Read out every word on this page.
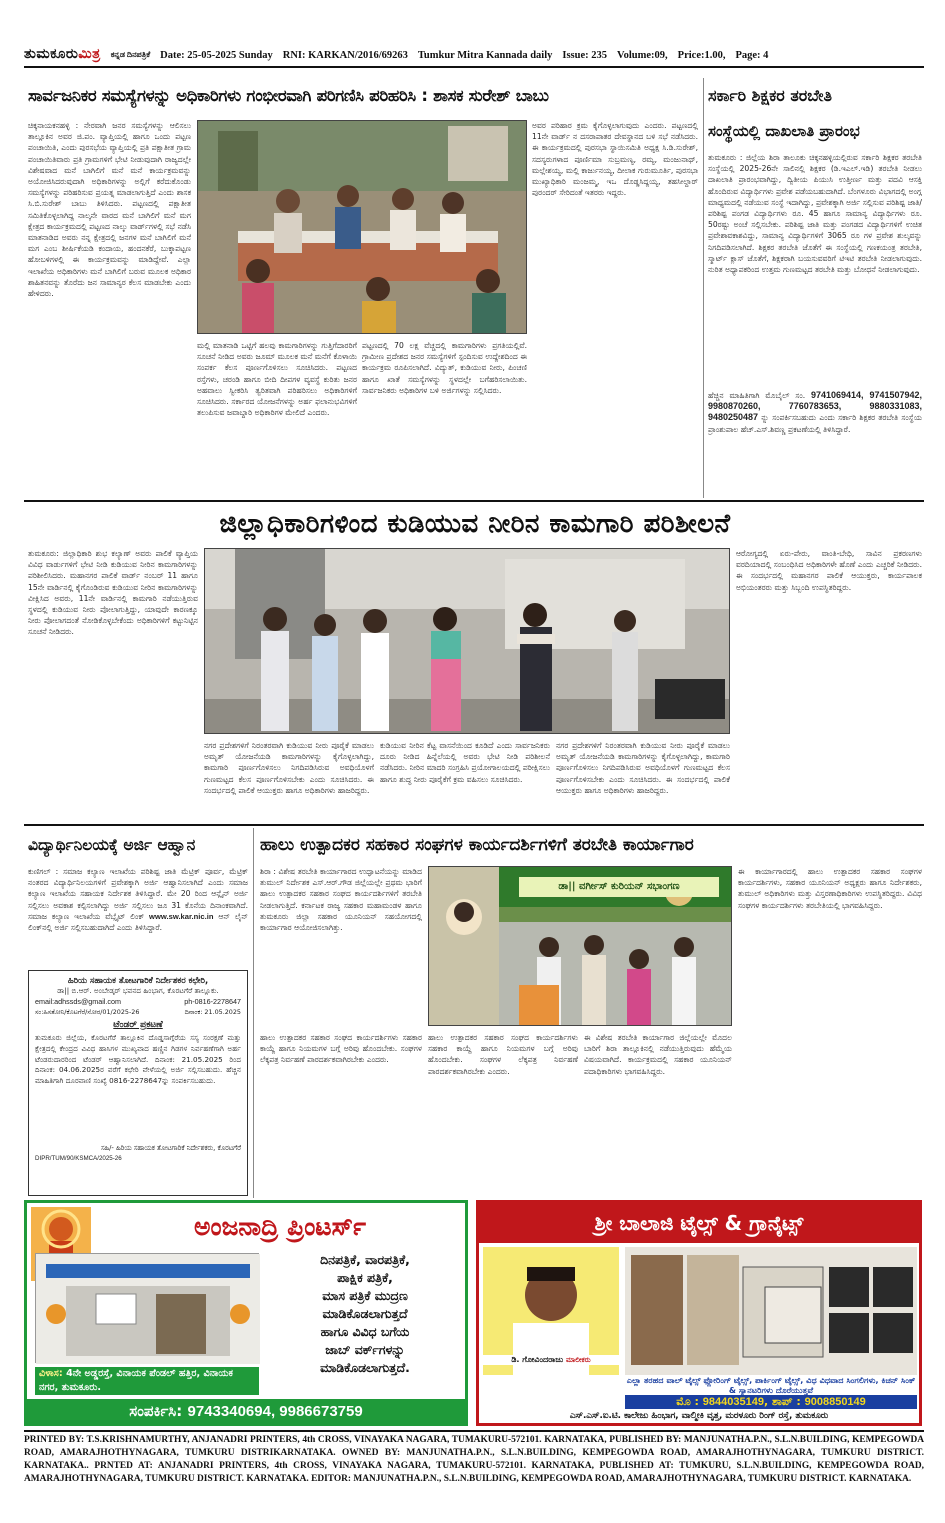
ತುಮಕೂರುಮಿತ್ರ ಕನ್ನಡ ದಿನಪತ್ರಿಕೆ Date: 25-05-2025 Sunday RNI: KARKAN/2016/69263 Tumkur Mitra Kannada daily Issue: 235 Volume:09, Price:1.00, Page: 4
ಸಾರ್ವಜನಿಕರ ಸಮಸ್ಯೆಗಳನ್ನು ಅಧಿಕಾರಿಗಳು ಗಂಭೀರವಾಗಿ ಪರಿಗಣಿಸಿ ಪರಿಹರಿಸಿ : ಶಾಸಕ ಸುರೇಶ್ ಬಾಬು
ಚಿಕ್ಕನಾಯಕನಹಳ್ಳಿ : ನೇರವಾಗಿ ಜನರ ಸಮಸ್ಯೆಗಳನ್ನು ಆಲಿಸಲು ತಾಲ್ಲೂಕಿನ ಅವರ ಜಿ.ಪಂ. ವ್ಯಾಪ್ತಿಯಲ್ಲಿ ಹಾಗೂ ಒಂದು ಪಟ್ಟಣ ಪಂಚಾಯಿತಿ, ಎಂದು ಪುರಸಭೆಯ ವ್ಯಾಪ್ತಿಯಲ್ಲಿ ಪ್ರತಿ ಪಕ್ಷಾತೀತ ಗ್ರಾಮ ಪಂಚಾಯಿತಿವಾರು ಪ್ರತಿ ಗ್ರಾಮಗಳಿಗೆ ಭೇಟಿ ನೀಡುವುದಾಗಿ ರಾಜ್ಯದಲ್ಲೇ ವಿಶೇಷವಾದ ಮನೆ ಬಾಗಿಲಿಗೆ ಮನೆ ಮನೆ ಕಾರ್ಯಕ್ರಮವನ್ನು ಅಯೋಜಿಸಿದರುವುದಾಗಿ ಅಧಿಕಾರಿಗಳನ್ನು ಅಲ್ಲಿಗೆ ಕರೆದುಕೊಂಡು ಸಮಸ್ಯೆಗಳನ್ನು ಪರಿಹರಿಸುವ ಪ್ರಯತ್ನ ಮಾಡಲಾಗುತ್ತಿದೆ ಎಂದು ಶಾಸಕ ಸಿ.ಬಿ.ಸುರೇಶ್ ಬಾಬು ತಿಳಿಸಿದರು. ಪಟ್ಟಣದಲ್ಲಿ ಪಕ್ಷಾತೀತ ಸಮಿತಿಕೊಳ್ಳಲಾಗಿದ್ದ ನಾಲ್ಕನೇ ವಾರದ ಮನೆ ಬಾಗಿಲಿಗೆ ಮನೆ ಮಗ ಕ್ಷೇತ್ರದ ಕಾರ್ಯಕ್ರಮದಲ್ಲಿ ಪಟ್ಟಣದ ನಾಲ್ಕು ವಾರ್ಡ್‌ಗಳಲ್ಲಿ ಸಭೆ ನಡೆಸಿ ಮಾತನಾಡಿದ ಅವರು ನನ್ನ ಕ್ಷೇತ್ರದಲ್ಲಿ ಜನಗಳ ಮನೆ ಬಾಗಿಲಿಗೆ ಮನೆ ಮಗ ಎಂಬ ಶೀರ್ಷಿಕೆಯಡಿ ಕಂದಾಯ, ಹಂದನಕೆರೆ, ಬುಕ್ಕಾಪಟ್ಟಣ ಹೋಬಳಿಗಳಲ್ಲಿ ಈ ಕಾರ್ಯಕ್ರಮವನ್ನು ಮಾಡಿದ್ದೇವೆ. ಎಲ್ಲಾ ಇಲಾಖೆಯ ಅಧಿಕಾರಿಗಳು ಮನೆ ಬಾಗಿಲಿಗೆ ಬರುವ ಮೂಲಕ ಅಧಿಕಾರ ಶಾಹಿತನವನ್ನು ತೊರೆದು ಜನ ಸಾಮಾನ್ಯರ ಕೆಲಸ ಮಾಡಬೇಕು ಎಂದು ಹೇಳಿದರು.
ಮಲ್ಲಿ ಮಾತನಾಡಿ ಒಟ್ಟಿಗೆ ಹಲವು ಕಾಮಗಾರಿಗಳನ್ನು ಗುತ್ತಿಗೆದಾರರಿಗೆ ಸೂಚನೆ ನೀಡಿದ ಅವರು ಜೂಮ್ ಮೂಲಕ ಮನೆ ಮನೆಗೆ ಕೊಳಾಯಿ ಸಂಪರ್ಕ ಕೆಲಸ ಪೂರ್ಣಗೊಳಿಸಲು ಸೂಚಿಸಿದರು. ಪಟ್ಟಣದ ರಸ್ತೆಗಳು, ಚರಂಡಿ ಹಾಗೂ ಬೀದಿ ದೀಪಗಳ ವ್ಯವಸ್ಥೆ ಕುರಿತು ಜನರ ಅಹವಾಲು ಸ್ವೀಕರಿಸಿ ತ್ವರಿತವಾಗಿ ಪರಿಹರಿಸಲು ಅಧಿಕಾರಿಗಳಿಗೆ ಸೂಚಿಸಿದರು. ಸರ್ಕಾರದ ಯೋಜನೆಗಳನ್ನು ಅರ್ಹ ಫಲಾನುಭವಿಗಳಿಗೆ ತಲುಪಿಸುವ ಜವಾಬ್ದಾರಿ ಅಧಿಕಾರಿಗಳ ಮೇಲಿದೆ ಎಂದರು.
ಪಟ್ಟಣದಲ್ಲಿ 70 ಲಕ್ಷ ವೆಚ್ಚದಲ್ಲಿ ಕಾಮಗಾರಿಗಳು ಪ್ರಗತಿಯಲ್ಲಿವೆ. ಗ್ರಾಮೀಣ ಪ್ರದೇಶದ ಜನರ ಸಮಸ್ಯೆಗಳಿಗೆ ಸ್ಪಂದಿಸುವ ಉದ್ದೇಶದಿಂದ ಈ ಕಾರ್ಯಕ್ರಮ ರೂಪಿಸಲಾಗಿದೆ. ವಿದ್ಯುತ್, ಕುಡಿಯುವ ನೀರು, ಪಿಂಚಣಿ ಹಾಗೂ ಖಾತೆ ಸಮಸ್ಯೆಗಳನ್ನು ಸ್ಥಳದಲ್ಲೇ ಬಗೆಹರಿಸಲಾಯಿತು. ಸಾರ್ವಜನಿಕರು ಅಧಿಕಾರಿಗಳ ಬಳಿ ಅರ್ಜಿಗಳನ್ನು ಸಲ್ಲಿಸಿದರು.
ಅವರ ಪರಿಹಾರ ಕ್ರಮ ಕೈಗೊಳ್ಳಲಾಗುವುದು ಎಂದರು. ಪಟ್ಟಣದಲ್ಲಿ 11ನೇ ವಾರ್ಡ್ ನ ದಸರಾಪಾತರ ದೇವಸ್ಥಾನದ ಬಳಿ ಸಭೆ ನಡೆಸಿದರು. ಈ ಕಾರ್ಯಕ್ರಮದಲ್ಲಿ ಪುರಸಭಾ ಸ್ಥಾಯಿಸಮಿತಿ ಅಧ್ಯಕ್ಷ ಸಿ.ಡಿ.ಸುರೇಶ್, ಸದಸ್ಯರುಗಳಾದ ಪೂರ್ಣಿಮಾ ಸುಬ್ರಮಣ್ಯ, ರಮ್ಯ, ಮಂಜುನಾಥ್, ಮಲ್ಲೇಶಯ್ಯ, ಮಲ್ಲಿ ಕಾರ್ಜುನಯ್ಯ, ದೀಲಾಕ ಗುರುಮೂರ್ತಿ, ಪುರಸಭಾ ಮುಖ್ಯಾಧಿಕಾರಿ ಮಂಜಮ್ಮ, ಇಒ ದೊಡ್ಡಸಿದ್ದಯ್ಯ, ತಹಸೀಲ್ದಾರ್ ಪುರಂದರ್ ಸೇರಿದಂತೆ ಇತರರು ಇದ್ದರು.
ಸರ್ಕಾರಿ ಶಿಕ್ಷಕರ ತರಬೇತಿ
ಸಂಸ್ಥೆಯಲ್ಲಿ ದಾಖಲಾತಿ ಪ್ರಾರಂಭ
ತುಮಕೂರು : ಜಿಲ್ಲೆಯ ಶಿರಾ ತಾಲೂಕು ಚಿಕ್ಕನಹಳ್ಳಿಯಲ್ಲಿರುವ ಸರ್ಕಾರಿ ಶಿಕ್ಷಕರ ತರಬೇತಿ ಸಂಸ್ಥೆಯಲ್ಲಿ 2025-26ನೇ ಸಾಲಿನಲ್ಲಿ ಶಿಕ್ಷಕರ (ಡಿ.ಇಎಲ್.ಇಡಿ) ತರಬೇತಿ ನೀಡಲು ದಾಖಲಾತಿ ಪ್ರಾರಂಭವಾಗಿದ್ದು, ದ್ವಿತೀಯ ಪಿಯುಸಿ ಉತ್ತೀರ್ಣ ಮತ್ತು ಪದವಿ ಆಸಕ್ತಿ ಹೊಂದಿರುವ ವಿದ್ಯಾರ್ಥಿಗಳು ಪ್ರವೇಶ ಪಡೆಯಬಹುದಾಗಿದೆ. ಬೆಂಗಳೂರು ವಿಭಾಗದಲ್ಲಿ ಅಂಗ್ಲ ಮಾಧ್ಯಮದಲ್ಲಿ ನಡೆಯುವ ಸಂಸ್ಥೆ ಇದಾಗಿದ್ದು, ಪ್ರವೇಶಕ್ಕಾಗಿ ಅರ್ಜಿ ಸಲ್ಲಿಸುವ ಪರಿಶಿಷ್ಟ ಜಾತಿ/ ಪರಿಶಿಷ್ಟ ಪಂಗಡ ವಿದ್ಯಾರ್ಥಿಗಳು ರೂ. 45 ಹಾಗೂ ಸಾಮಾನ್ಯ ವಿದ್ಯಾರ್ಥಿಗಳು ರೂ. 50ರಷ್ಟು ಅಂಚೆ ಸಲ್ಲಿಸಬೇಕು. ಪರಿಶಿಷ್ಟ ಜಾತಿ ಮತ್ತು ಪಂಗಡದ ವಿದ್ಯಾರ್ಥಿಗಳಿಗೆ ಉಚಿತ ಪ್ರವೇಶಾವಕಾಶವಿದ್ದು, ಸಾಮಾನ್ಯ ವಿದ್ಯಾರ್ಥಿಗಳಿಗೆ 3065 ರೂ ಗಳ ಪ್ರವೇಶ ಶುಲ್ಕವನ್ನು ನಿಗದಿಪಡಿಸಲಾಗಿದೆ. ಶಿಕ್ಷಕರ ತರಬೇತಿ ಜೊತೆಗೆ ಈ ಸಂಸ್ಥೆಯಲ್ಲಿ ಗಣಕಯಂತ್ರ ತರಬೇತಿ, ಸ್ಮಾರ್ಟ್ ಕ್ಲಾಸ್ ಜೊತೆಗೆ, ಶಿಕ್ಷಕರಾಗಿ ಬಯಸುವವರಿಗೆ ಟಿಇಟಿ ತರಬೇತಿ ನೀಡಲಾಗುವುದು. ನುರಿತ ಅಧ್ಯಾಪಕರಿಂದ ಉತ್ತಮ ಗುಣಮಟ್ಟದ ತರಬೇತಿ ಮತ್ತು ಬೋಧನೆ ನೀಡಲಾಗುವುದು.
ಹೆಚ್ಚಿನ ಮಾಹಿತಿಗಾಗಿ ಮೊಬೈಲ್ ಸಂ. 9741069414, 9741507942, 9980870260, 7760783653, 9880331083, 9480250487 ನ್ನು ಸಂಪರ್ಕಿಸಬಹುದು ಎಂದು ಸರ್ಕಾರಿ ಶಿಕ್ಷಕರ ತರಬೇತಿ ಸಂಸ್ಥೆಯ ಪ್ರಾಂಶುಪಾಲ ಹೆಚ್.ಎಸ್.ಶಿವಣ್ಣ ಪ್ರಕಟಣೆಯಲ್ಲಿ ತಿಳಿಸಿದ್ದಾರೆ.
ಜಿಲ್ಲಾಧಿಕಾರಿಗಳಿಂದ ಕುಡಿಯುವ ನೀರಿನ ಕಾಮಗಾರಿ ಪರಿಶೀಲನೆ
ತುಮಕೂರು: ಜಿಲ್ಲಾಧಿಕಾರಿ ಶುಭ ಕಲ್ಯಾಣ್ ಅವರು ಪಾಲಿಕೆ ವ್ಯಾಪ್ತಿಯ ವಿವಿಧ ವಾರ್ಡುಗಳಿಗೆ ಭೇಟಿ ನೀಡಿ ಕುಡಿಯುವ ನೀರಿನ ಕಾಮಗಾರಿಗಳನ್ನು ಪರಿಶೀಲಿಸಿದರು. ಮಹಾನಗರ ಪಾಲಿಕೆ ವಾರ್ಡ್ ನಂಬರ್ 11 ಹಾಗೂ 15ನೇ ವಾರ್ಡಿನಲ್ಲಿ ಕೈಗೊಂಡಿರುವ ಕುಡಿಯುವ ನೀರಿನ ಕಾಮಗಾರಿಗಳನ್ನು ವೀಕ್ಷಿಸಿದ ಅವರು, 11ನೇ ವಾರ್ಡಿನಲ್ಲಿ ಕಾಮಗಾರಿ ನಡೆಯುತ್ತಿರುವ ಸ್ಥಳದಲ್ಲಿ ಕುಡಿಯುವ ನೀರು ಪೋಲಾಗುತ್ತಿದ್ದು, ಯಾವುದೇ ಕಾರಣಕ್ಕೂ ನೀರು ಪೋಲಾಗದಂತೆ ನೋಡಿಕೊಳ್ಳಬೇಕೆಂದು ಅಧಿಕಾರಿಗಳಿಗೆ ಕಟ್ಟುನಿಟ್ಟಿನ ಸೂಚನೆ ನೀಡಿದರು.
ನಗರ ಪ್ರದೇಶಗಳಿಗೆ ನಿರಂತರವಾಗಿ ಕುಡಿಯುವ ನೀರು ಪೂರೈಕೆ ಮಾಡಲು ಅಮೃತ್ ಯೋಜನೆಯಡಿ ಕಾಮಗಾರಿಗಳನ್ನು ಕೈಗೊಳ್ಳಲಾಗಿದ್ದು, ಕಾಮಗಾರಿ ಪೂರ್ಣಗೊಳಿಸಲು ನಿಗದಿಪಡಿಸಿರುವ ಅವಧಿಯೊಳಗೆ ಗುಣಮಟ್ಟದ ಕೆಲಸ ಪೂರ್ಣಗೊಳಿಸಬೇಕು ಎಂದು ಸೂಚಿಸಿದರು. ಈ ಸಂದರ್ಭದಲ್ಲಿ ಪಾಲಿಕೆ ಆಯುಕ್ತರು ಹಾಗೂ ಅಧಿಕಾರಿಗಳು ಹಾಜರಿದ್ದರು.
ಕುಡಿಯುವ ನೀರಿನ ಕೆಟ್ಟ ವಾಸನೆಯಿಂದ ಕೂಡಿದೆ ಎಂದು ಸಾರ್ವಜನಿಕರು ದೂರು ನೀಡಿದ ಹಿನ್ನೆಲೆಯಲ್ಲಿ ಅವರು ಭೇಟಿ ನೀಡಿ ಪರಿಶೀಲನೆ ನಡೆಸಿದರು. ನೀರಿನ ಮಾದರಿ ಸಂಗ್ರಹಿಸಿ ಪ್ರಯೋಗಾಲಯದಲ್ಲಿ ಪರೀಕ್ಷಿಸಲು ಹಾಗೂ ಶುದ್ಧ ನೀರು ಪೂರೈಕೆಗೆ ಕ್ರಮ ವಹಿಸಲು ಸೂಚಿಸಿದರು.
ನಗರ ಪ್ರದೇಶಗಳಿಗೆ ನಿರಂತರವಾಗಿ ಕುಡಿಯುವ ನೀರು ಪೂರೈಕೆ ಮಾಡಲು ಅಮೃತ್ ಯೋಜನೆಯಡಿ ಕಾಮಗಾರಿಗಳನ್ನು ಕೈಗೊಳ್ಳಲಾಗಿದ್ದು, ಕಾಮಗಾರಿ ಪೂರ್ಣಗೊಳಿಸಲು ನಿಗದಿಪಡಿಸಿರುವ ಅವಧಿಯೊಳಗೆ ಗುಣಮಟ್ಟದ ಕೆಲಸ ಪೂರ್ಣಗೊಳಿಸಬೇಕು ಎಂದು ಸೂಚಿಸಿದರು. ಈ ಸಂದರ್ಭದಲ್ಲಿ ಪಾಲಿಕೆ ಆಯುಕ್ತರು ಹಾಗೂ ಅಧಿಕಾರಿಗಳು ಹಾಜರಿದ್ದರು.
ಆರೋಗ್ಯದಲ್ಲಿ ಏರು-ಪೇರು, ವಾಂತಿ-ಬೇಧಿ, ಸಾವಿನ ಪ್ರಕರಣಗಳು ವರದಿಯಾದಲ್ಲಿ ಸಂಬಂಧಿಸಿದ ಅಧಿಕಾರಿಗಳೇ ಹೊಣೆ ಎಂದು ಎಚ್ಚರಿಕೆ ನೀಡಿದರು. ಈ ಸಂದರ್ಭದಲ್ಲಿ ಮಹಾನಗರ ಪಾಲಿಕೆ ಆಯುಕ್ತರು, ಕಾರ್ಯಪಾಲಕ ಅಭಿಯಂತರರು ಮತ್ತು ಸಿಬ್ಬಂದಿ ಉಪಸ್ಥಿತರಿದ್ದರು.
ವಿದ್ಯಾರ್ಥಿನಿಲಯಕ್ಕೆ ಅರ್ಜಿ ಆಹ್ವಾನ
ಕುಣಿಗಲ್ : ಸಮಾಜ ಕಲ್ಯಾಣ ಇಲಾಖೆಯ ಪರಿಶಿಷ್ಟ ಜಾತಿ ಮೆಟ್ರಿಕ್ ಪೂರ್ವ, ಮೆಟ್ರಿಕ್ ನಂತರದ ವಿದ್ಯಾರ್ಥಿನಿಲಯಗಳಿಗೆ ಪ್ರವೇಶಕ್ಕಾಗಿ ಅರ್ಜಿ ಆಹ್ವಾನಿಸಲಾಗಿದೆ ಎಂದು ಸಮಾಜ ಕಲ್ಯಾಣ ಇಲಾಖೆಯ ಸಹಾಯಕ ನಿರ್ದೇಶಕ ತಿಳಿಸಿದ್ದಾರೆ. ಮೇ 20 ರಿಂದ ಆನ್ಲೈನ್ ಅರ್ಜಿ ಸಲ್ಲಿಸಲು ಅವಕಾಶ ಕಲ್ಪಿಸಲಾಗಿದ್ದು ಅರ್ಜಿ ಸಲ್ಲಿಸಲು ಜೂ 31 ಕೊನೆಯ ದಿನಾಂಕವಾಗಿದೆ. ಸಮಾಜ ಕಲ್ಯಾಣ ಇಲಾಖೆಯ ವೆಬ್ಸೈಟ್ ಲಿಂಕ್ www.sw.kar.nic.in ಆನ್ ಲೈನ್ ಲಿಂಕ್‌ನಲ್ಲಿ ಅರ್ಜಿ ಸಲ್ಲಿಸಬಹುದಾಗಿದೆ ಎಂದು ತಿಳಿಸಿದ್ದಾರೆ.
ಹಿರಿಯ ಸಹಾಯಕ ತೋಟಗಾರಿಕೆ ನಿರ್ದೇಶಕರ ಕಛೇರಿ,
ಡಾ|| ಬಿ.ಆರ್. ಅಂಬೇಡ್ಕರ್ ಭವನದ ಹಿಂಭಾಗ, ಕೊರಟಗೆರೆ ತಾಲ್ಲೂಕು.
email:adhssds@gmail.com	ph-0816-2278647
ಸಂ:ಹಿಸತೋನಿ/ಕೊಟಗೆರೆ/ಸೋರ/01/2025-26	ದಿನಾಂಕ: 21.05.2025
ಟೆಂಡರ್ ಪ್ರಕಟಣೆ
ತುಮಕೂರು ಜಿಲ್ಲೆಯ, ಕೊರಟಗೆರೆ ತಾಲ್ಲೂಕಿನ ದೊಡ್ಡಸಾಗ್ಗೆರೆಯ ಸಸ್ಯ ಸಂರಕ್ಷಣೆ ಮತ್ತು ಕ್ಷೇತ್ರದಲ್ಲಿ ಕೇಂದ್ರದ ವಿವಿಧ ಹಾಸಿಗಳ ಮುಖ್ಯವಾದ ಹಣ್ಣಿನ ಗಿಡಗಳ ನಿರ್ವಹಣೆಗಾಗಿ ಅರ್ಹ ಟೆಂಡರುದಾರರಿಂದ ಟೆಂಡರ್ ಆಹ್ವಾನಿಸಲಾಗಿದೆ. ದಿನಾಂಕ: 21.05.2025 ರಿಂದ ದಿನಾಂಕ: 04.06.2025ರ ವರೆಗೆ ಕಛೇರಿ ವೇಳೆಯಲ್ಲಿ ಅರ್ಜಿ ಸಲ್ಲಿಸಬಹುದು. ಹೆಚ್ಚಿನ ಮಾಹಿತಿಗಾಗಿ ದೂರವಾಣಿ ಸಂಖ್ಯೆ 0816-2278647ನ್ನು ಸಂಪರ್ಕಿಸಬಹುದು.
ಸಹಿ/- ಹಿರಿಯ ಸಹಾಯಕ ತೋಟಗಾರಿಕೆ ನಿರ್ದೇಶಕರು, ಕೊರಟಗೆರೆ
DIPR/TUM/90/KSMCA/2025-26
ಹಾಲು ಉತ್ಪಾದಕರ ಸಹಕಾರ ಸಂಘಗಳ ಕಾರ್ಯದರ್ಶಿಗಳಿಗೆ ತರಬೇತಿ ಕಾರ್ಯಾಗಾರ
ಶಿರಾ : ವಿಶೇಷ ತರಬೇತಿ ಕಾರ್ಯಾಗಾರದ ಉದ್ಘಾಟನೆಯನ್ನು ಮಾಡಿದ ತುಮುಲ್ ನಿರ್ದೇಶಕ ಎಸ್.ಆರ್.ಗೌಡ ಜಿಲ್ಲೆಯಲ್ಲೇ ಪ್ರಥಮ ಭಾರಿಗೆ ಹಾಲು ಉತ್ಪಾದಕರ ಸಹಕಾರ ಸಂಘದ ಕಾರ್ಯದರ್ಶಿಗಳಿಗೆ ತರಬೇತಿ ನೀಡಲಾಗುತ್ತಿದೆ. ಕರ್ನಾಟಕ ರಾಜ್ಯ ಸಹಕಾರ ಮಹಾಮಂಡಳ ಹಾಗೂ ತುಮಕೂರು ಜಿಲ್ಲಾ ಸಹಕಾರ ಯೂನಿಯನ್ ಸಹಯೋಗದಲ್ಲಿ ಕಾರ್ಯಾಗಾರ ಆಯೋಜಿಸಲಾಗಿತ್ತು.
ಡಾ|| ವರ್ಗೀಸ್ ಕುರಿಯನ್ ಸಭಾಂಗಣ
ಹಾಲು ಉತ್ಪಾದಕರ ಸಹಕಾರ ಸಂಘದ ಕಾರ್ಯದರ್ಶಿಗಳು ಸಹಕಾರ ಕಾಯ್ದೆ ಹಾಗೂ ನಿಯಮಗಳ ಬಗ್ಗೆ ಅರಿವು ಹೊಂದಬೇಕು. ಸಂಘಗಳ ಲೆಕ್ಕಪತ್ರ ನಿರ್ವಹಣೆ ಪಾರದರ್ಶಕವಾಗಿರಬೇಕು ಎಂದರು.
ಈ ವಿಶೇಷ ತರಬೇತಿ ಕಾರ್ಯಾಗಾರ ಜಿಲ್ಲೆಯಲ್ಲೇ ಮೊದಲ ಬಾರಿಗೆ ಶಿರಾ ತಾಲ್ಲೂಕಿನಲ್ಲಿ ನಡೆಯುತ್ತಿರುವುದು ಹೆಮ್ಮೆಯ ವಿಷಯವಾಗಿದೆ. ಕಾರ್ಯಕ್ರಮದಲ್ಲಿ ಸಹಕಾರ ಯೂನಿಯನ್ ಪದಾಧಿಕಾರಿಗಳು ಭಾಗವಹಿಸಿದ್ದರು.
ಈ ಕಾರ್ಯಾಗಾರದಲ್ಲಿ ಹಾಲು ಉತ್ಪಾದಕರ ಸಹಕಾರ ಸಂಘಗಳ ಕಾರ್ಯದರ್ಶಿಗಳು, ಸಹಕಾರ ಯೂನಿಯನ್ ಅಧ್ಯಕ್ಷರು ಹಾಗೂ ನಿರ್ದೇಶಕರು, ತುಮುಲ್ ಅಧಿಕಾರಿಗಳು ಮತ್ತು ವಿಸ್ತರಣಾಧಿಕಾರಿಗಳು ಉಪಸ್ಥಿತರಿದ್ದರು. ವಿವಿಧ ಸಂಘಗಳ ಕಾರ್ಯದರ್ಶಿಗಳು ತರಬೇತಿಯಲ್ಲಿ ಭಾಗವಹಿಸಿದ್ದರು.
ಹಾಲು ಉತ್ಪಾದಕರ ಸಹಕಾರ ಸಂಘದ ಕಾರ್ಯದರ್ಶಿಗಳು ಸಹಕಾರ ಕಾಯ್ದೆ ಹಾಗೂ ನಿಯಮಗಳ ಬಗ್ಗೆ ಅರಿವು ಹೊಂದಬೇಕು. ಸಂಘಗಳ ಲೆಕ್ಕಪತ್ರ ನಿರ್ವಹಣೆ ಪಾರದರ್ಶಕವಾಗಿರಬೇಕು ಎಂದರು.
ಅಂಜನಾದ್ರಿ ಪ್ರಿಂಟರ್ಸ್
ದಿನಪತ್ರಿಕೆ, ವಾರಪತ್ರಿಕೆ,
ಪಾಕ್ಷಿಕ ಪತ್ರಿಕೆ,
ಮಾಸ ಪತ್ರಿಕೆ ಮುದ್ರಣ
ಮಾಡಿಕೊಡಲಾಗುತ್ತದೆ
ಹಾಗೂ ವಿವಿಧ ಬಗೆಯ
ಜಾಬ್ ವರ್ಕ್‌ಗಳನ್ನು
ಮಾಡಿಕೊಡಲಾಗುತ್ತದೆ.
ವಿಳಾಸ: 4ನೇ ಅಡ್ಡರಸ್ತೆ, ವಿನಾಯಕ ಪೆಂಡಲ್ ಹತ್ತಿರ, ವಿನಾಯಕ ನಗರ, ತುಮಕೂರು.
ಸಂಪರ್ಕಿಸಿ: 9743340694, 9986673759
ಶ್ರೀ ಬಾಲಾಜಿ ಟೈಲ್ಸ್ & ಗ್ರಾನೈಟ್ಸ್
ಡಿ. ಗೋವಿಂದರಾಜು ಮಾಲೀಕರು
ಎಲ್ಲಾ ತರಹದ ವಾಲ್ ಟೈಲ್ಸ್ ಫ್ಲೋರಿಂಗ್ ಟೈಲ್ಸ್, ಪಾರ್ಕಿಂಗ್ ಟೈಲ್ಸ್, ವಿಧ ವಿಧವಾದ ಸಿಂಗಲಿಗಳು, ಕಿಚನ್ ಸಿಂಕ್ & ಸ್ಯಾನಟರಿಗಳು ದೊರೆಯುತ್ತವೆ
ಮೊ : 9844035149, ಶಾಪ್ : 9008850149
ಎಸ್.ಎಸ್.ಐ.ಟಿ. ಕಾಲೇಜು ಹಿಂಭಾಗ, ವಾಲ್ಮೀಕಿ ವೃತ್ತ, ಮರಳೂರು ರಿಂಗ್ ರಸ್ತೆ, ತುಮಕೂರು
PRINTED BY: T.S.KRISHNAMURTHY, ANJANADRI PRINTERS, 4th CROSS, VINAYAKA NAGARA, TUMAKURU-572101. KARNATAKA, PUBLISHED BY: MANJUNATHA.P.N., S.L.N.BUILDING, KEMPEGOWDA ROAD, AMARAJHOTHYNAGARA, TUMKURU DISTRIKARNATAKA. OWNED BY: MANJUNATHA.P.N., S.L.N.BUILDING, KEMPEGOWDA ROAD, AMARAJHOTHYNAGARA, TUMKURU DISTRICT. KARNATAKA.. PRNTED AT: ANJANADRI PRINTERS, 4th CROSS, VINAYAKA NAGARA, TUMAKURU-572101. KARNATAKA, PUBLISHED AT: TUMKURU, S.L.N.BUILDING, KEMPEGOWDA ROAD, AMARAJHOTHYNAGARA, TUMKURU DISTRICT. KARNATAKA. EDITOR: MANJUNATHA.P.N., S.L.N.BUILDING, KEMPEGOWDA ROAD, AMARAJHOTHYNAGARA, TUMKURU DISTRICT. KARNATAKA.
